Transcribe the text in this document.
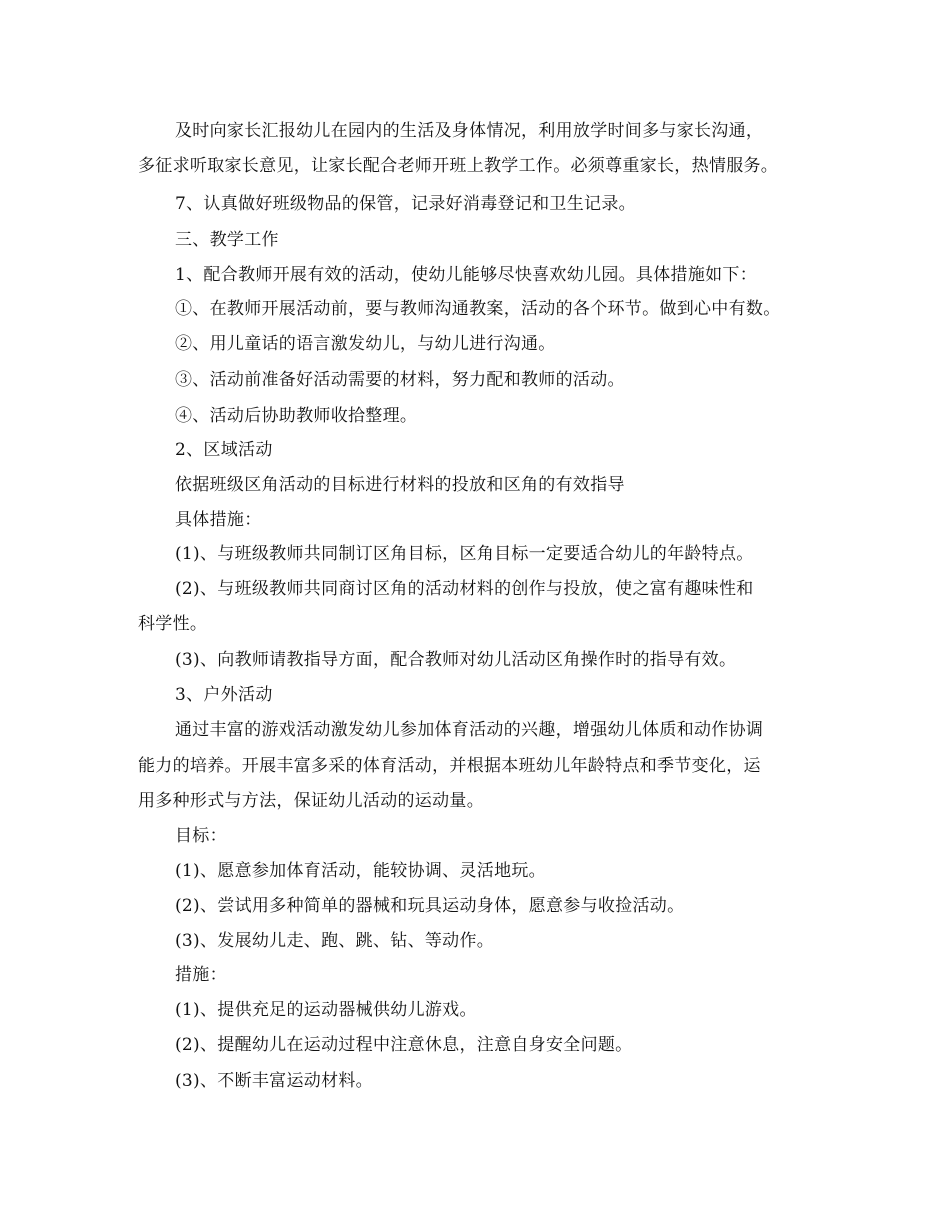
及时向家长汇报幼儿在园内的生活及身体情况，利用放学时间多与家长沟通，
多征求听取家长意见，让家长配合老师开班上教学工作。必须尊重家长，热情服务。
7、认真做好班级物品的保管，记录好消毒登记和卫生记录。
三、教学工作
1、配合教师开展有效的活动，使幼儿能够尽快喜欢幼儿园。具体措施如下：
①、在教师开展活动前，要与教师沟通教案，活动的各个环节。做到心中有数。
②、用儿童话的语言激发幼儿，与幼儿进行沟通。
③、活动前准备好活动需要的材料，努力配和教师的活动。
④、活动后协助教师收拾整理。
2、区域活动
依据班级区角活动的目标进行材料的投放和区角的有效指导
具体措施：
(1)、与班级教师共同制订区角目标，区角目标一定要适合幼儿的年龄特点。
(2)、与班级教师共同商讨区角的活动材料的创作与投放，使之富有趣味性和
科学性。
(3)、向教师请教指导方面，配合教师对幼儿活动区角操作时的指导有效。
3、户外活动
通过丰富的游戏活动激发幼儿参加体育活动的兴趣，增强幼儿体质和动作协调
能力的培养。开展丰富多采的体育活动，并根据本班幼儿年龄特点和季节变化，运
用多种形式与方法，保证幼儿活动的运动量。
目标：
(1)、愿意参加体育活动，能较协调、灵活地玩。
(2)、尝试用多种简单的器械和玩具运动身体，愿意参与收捡活动。
(3)、发展幼儿走、跑、跳、钻、等动作。
措施：
(1)、提供充足的运动器械供幼儿游戏。
(2)、提醒幼儿在运动过程中注意休息，注意自身安全问题。
(3)、不断丰富运动材料。
